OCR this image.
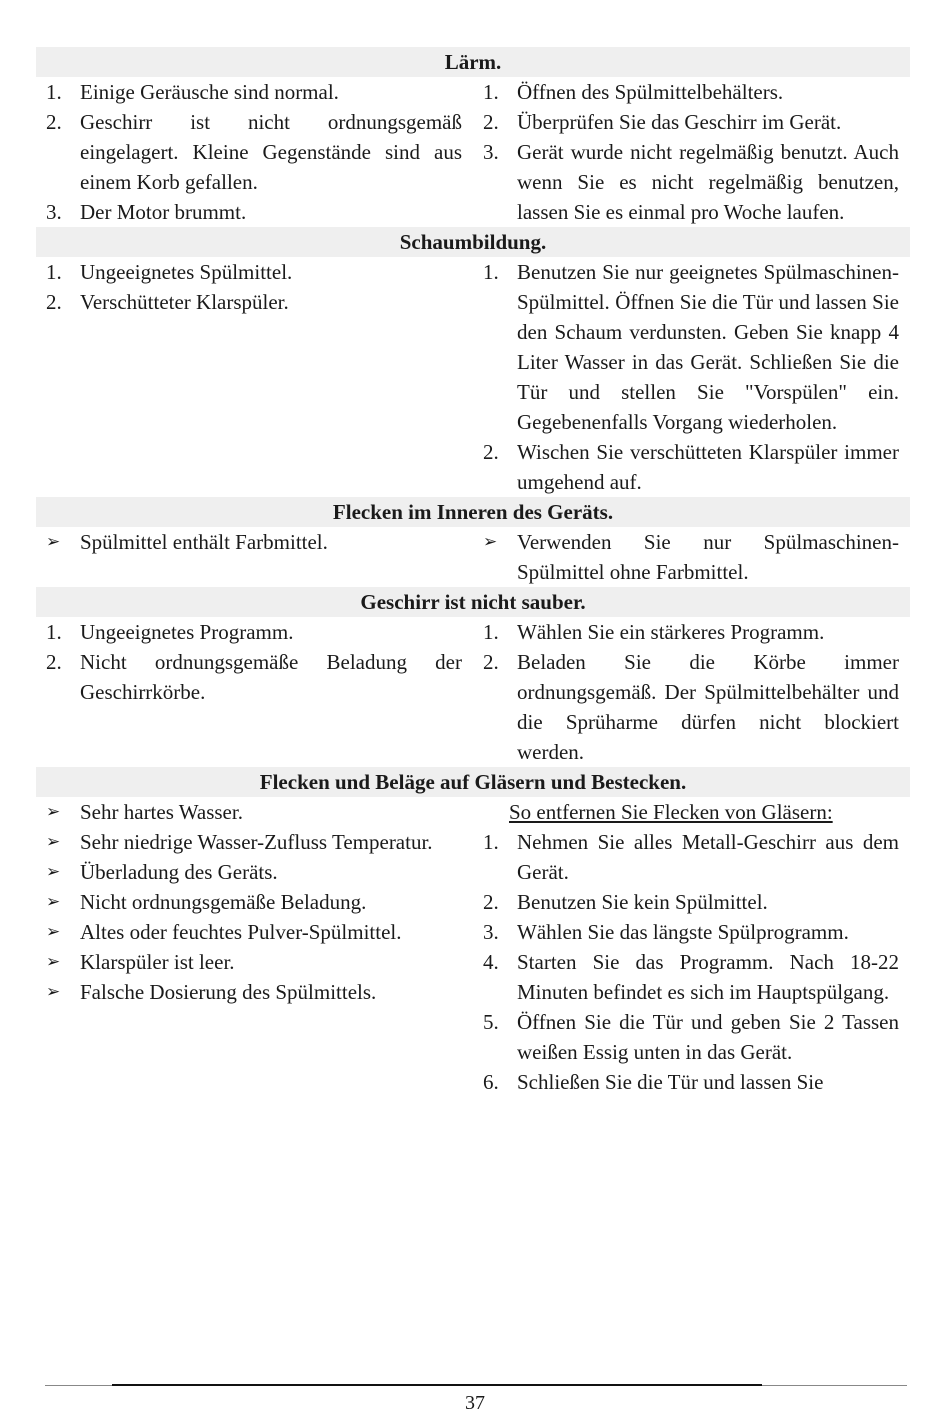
Lärm.
1. Einige Geräusche sind normal.
2. Geschirr ist nicht ordnungsgemäß eingelagert. Kleine Gegenstände sind aus einem Korb gefallen.
3. Der Motor brummt.
1. Öffnen des Spülmittelbehälters.
2. Überprüfen Sie das Geschirr im Gerät.
3. Gerät wurde nicht regelmäßig benutzt. Auch wenn Sie es nicht regelmäßig benutzen, lassen Sie es einmal pro Woche laufen.
Schaumbildung.
1. Ungeeignetes Spülmittel.
2. Verschütteter Klarspüler.
1. Benutzen Sie nur geeignetes Spülmaschinen-Spülmittel. Öffnen Sie die Tür und lassen Sie den Schaum verdunsten. Geben Sie knapp 4 Liter Wasser in das Gerät. Schließen Sie die Tür und stellen Sie "Vorspülen" ein. Gegebenenfalls Vorgang wiederholen.
2. Wischen Sie verschütteten Klarspüler immer umgehend auf.
Flecken im Inneren des Geräts.
➢ Spülmittel enthält Farbmittel.	➢ Verwenden Sie nur Spülmaschinen-Spülmittel ohne Farbmittel.
Geschirr ist nicht sauber.
1. Ungeeignetes Programm.
2. Nicht ordnungsgemäße Beladung der Geschirrkörbe.
1. Wählen Sie ein stärkeres Programm.
2. Beladen Sie die Körbe immer ordnungsgemäß. Der Spülmittelbehälter und die Sprüharme dürfen nicht blockiert werden.
Flecken und Beläge auf Gläsern und Bestecken.
➢ Sehr hartes Wasser.
➢ Sehr niedrige Wasser-Zufluss Temperatur.
➢ Überladung des Geräts.
➢ Nicht ordnungsgemäße Beladung.
➢ Altes oder feuchtes Pulver-Spülmittel.
➢ Klarspüler ist leer.
➢ Falsche Dosierung des Spülmittels.
So entfernen Sie Flecken von Gläsern:
1. Nehmen Sie alles Metall-Geschirr aus dem Gerät.
2. Benutzen Sie kein Spülmittel.
3. Wählen Sie das längste Spülprogramm.
4. Starten Sie das Programm. Nach 18-22 Minuten befindet es sich im Hauptspülgang.
5. Öffnen Sie die Tür und geben Sie 2 Tassen weißen Essig unten in das Gerät.
6. Schließen Sie die Tür und lassen Sie
37
